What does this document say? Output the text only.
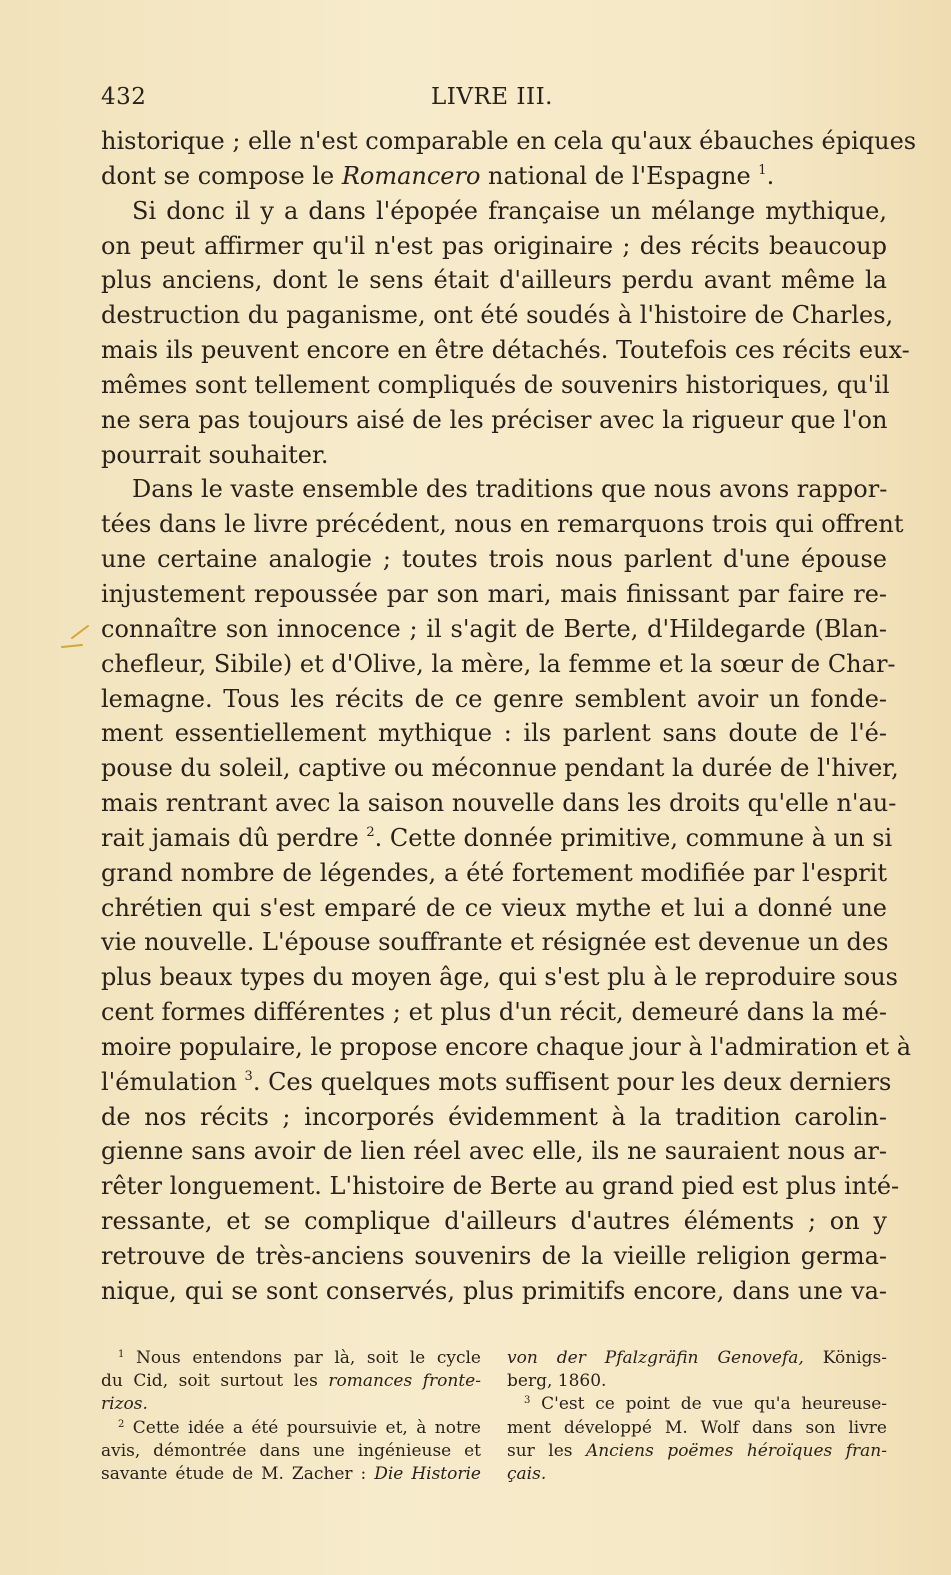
432	LIVRE III.
historique ; elle n'est comparable en cela qu'aux ébauches épiques
dont se compose le Romancero national de l'Espagne $^1$.
Si donc il y a dans l'épopée française un mélange mythique,
on peut affirmer qu'il n'est pas originaire ; des récits beaucoup
plus anciens, dont le sens était d'ailleurs perdu avant même la
destruction du paganisme, ont été soudés à l'histoire de Charles,
mais ils peuvent encore en être détachés. Toutefois ces récits eux-
mêmes sont tellement compliqués de souvenirs historiques, qu'il
ne sera pas toujours aisé de les préciser avec la rigueur que l'on
pourrait souhaiter.
Dans le vaste ensemble des traditions que nous avons rappor-
tées dans le livre précédent, nous en remarquons trois qui offrent
une certaine analogie ; toutes trois nous parlent d'une épouse
injustement repoussée par son mari, mais finissant par faire re-
connaître son innocence ; il s'agit de Berte, d'Hildegarde (Blan-
chefleur, Sibile) et d'Olive, la mère, la femme et la sœur de Char-
lemagne. Tous les récits de ce genre semblent avoir un fonde-
ment essentiellement mythique : ils parlent sans doute de l'é-
pouse du soleil, captive ou méconnue pendant la durée de l'hiver,
mais rentrant avec la saison nouvelle dans les droits qu'elle n'au-
rait jamais dû perdre $^2$. Cette donnée primitive, commune à un si
grand nombre de légendes, a été fortement modifiée par l'esprit
chrétien qui s'est emparé de ce vieux mythe et lui a donné une
vie nouvelle. L'épouse souffrante et résignée est devenue un des
plus beaux types du moyen âge, qui s'est plu à le reproduire sous
cent formes différentes ; et plus d'un récit, demeuré dans la mé-
moire populaire, le propose encore chaque jour à l'admiration et à
l'émulation $^3$. Ces quelques mots suffisent pour les deux derniers
de nos récits ; incorporés évidemment à la tradition carolin-
gienne sans avoir de lien réel avec elle, ils ne sauraient nous ar-
rêter longuement. L'histoire de Berte au grand pied est plus inté-
ressante, et se complique d'ailleurs d'autres éléments ; on y
retrouve de très-anciens souvenirs de la vieille religion germa-
nique, qui se sont conservés, plus primitifs encore, dans une va-
$^1$ Nous entendons par là, soit le cycle
du Cid, soit surtout les romances fronte-
rizos.
$^2$ Cette idée a été poursuivie et, à notre
avis, démontrée dans une ingénieuse et
savante étude de M. Zacher : Die Historie
von der Pfalzgräfin Genovefa, Königs-
berg, 1860.
$^3$ C'est ce point de vue qu'a heureuse-
ment développé M. Wolf dans son livre
sur les Anciens poëmes héroïques fran-
çais.
